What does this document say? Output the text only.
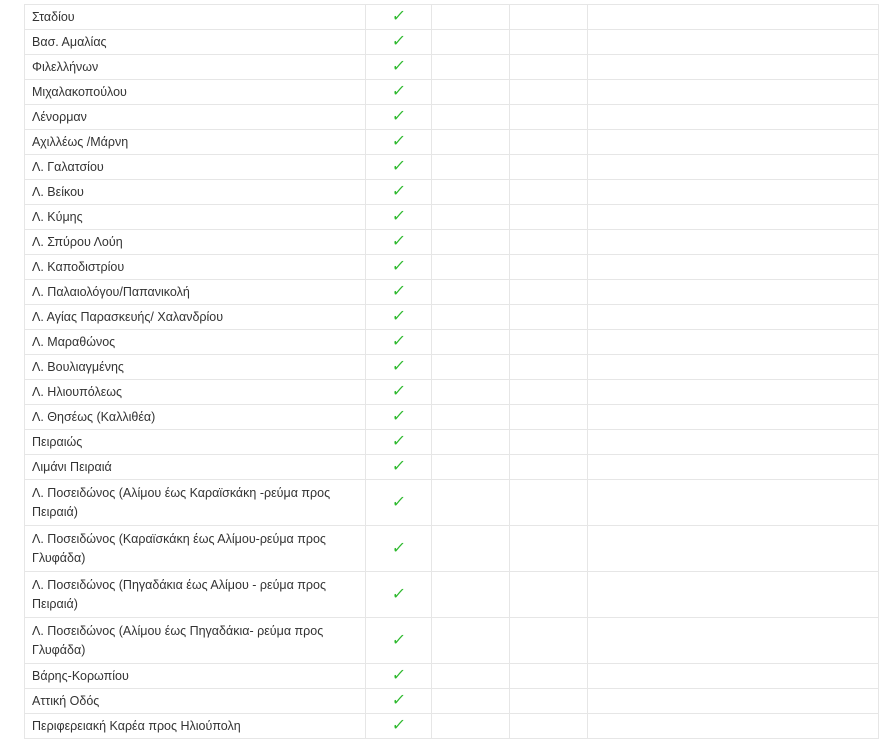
Σταδίου	✓			
Βασ. Αμαλίας	✓			
Φιλελλήνων	✓			
Μιχαλακοπούλου	✓			
Λένορμαν	✓			
Αχιλλέως /Μάρνη	✓			
Λ. Γαλατσίου	✓			
Λ. Βείκου	✓			
Λ. Κύμης	✓			
Λ. Σπύρου Λούη	✓			
Λ. Καποδιστρίου	✓			
Λ. Παλαιολόγου/Παπανικολή	✓			
Λ. Αγίας Παρασκευής/ Χαλανδρίου	✓			
Λ. Μαραθώνος	✓			
Λ. Βουλιαγμένης	✓			
Λ. Ηλιουπόλεως	✓			
Λ. Θησέως (Καλλιθέα)	✓			
Πειραιώς	✓			
Λιμάνι Πειραιά	✓			
Λ. Ποσειδώνος (Αλίμου έως Καραϊσκάκη -ρεύμα προς Πειραιά)	✓			
Λ. Ποσειδώνος (Καραϊσκάκη έως Αλίμου-ρεύμα προς Γλυφάδα)	✓			
Λ. Ποσειδώνος (Πηγαδάκια έως Αλίμου - ρεύμα προς Πειραιά)	✓			
Λ. Ποσειδώνος (Αλίμου έως Πηγαδάκια- ρεύμα προς Γλυφάδα)	✓			
Βάρης-Κορωπίου	✓			
Αττική Οδός	✓			
Περιφερειακή Καρέα προς Ηλιούπολη	✓			
